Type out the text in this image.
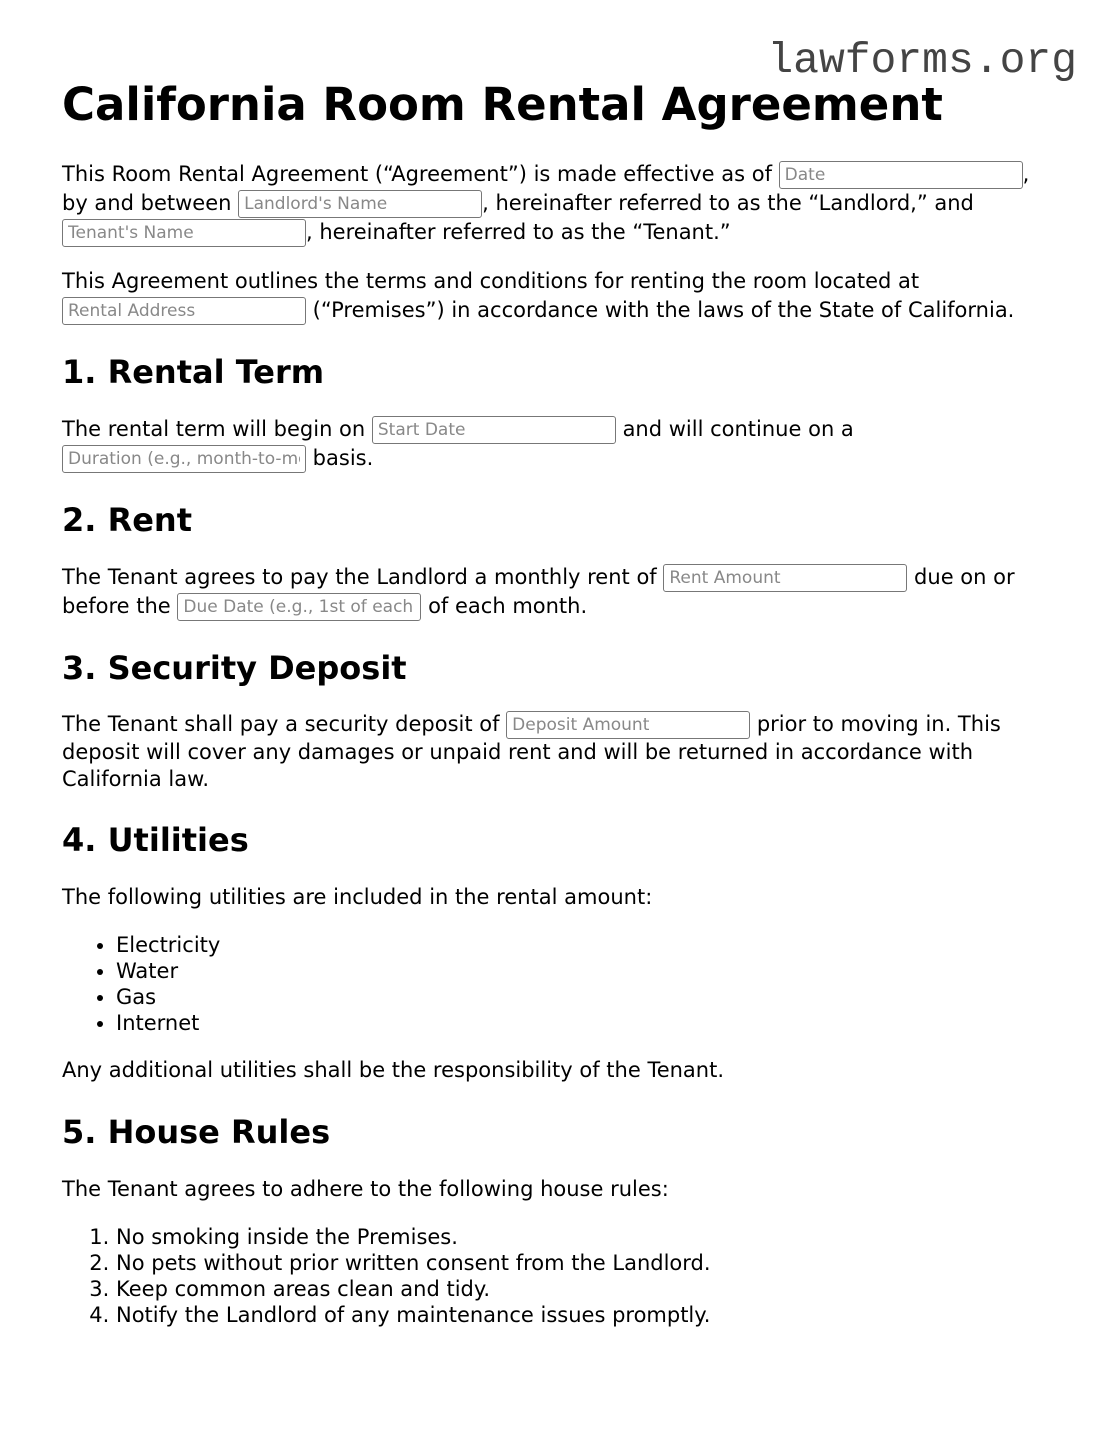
lawforms.org
California Room Rental Agreement

This Room Rental Agreement (“Agreement”) is made effective as of Date	, by and between Landlord's Name	, hereinafter referred to as the “Landlord,” and Tenant's Name, hereinafter referred to as the “Tenant.”

This Agreement outlines the terms and conditions for renting the room located at Rental Address (“Premises”) in accordance with the laws of the State of California.

1. Rental Term

The rental term will begin on Start Date	and will continue on a Duration (e.g., month-to-month) basis.

2. Rent

The Tenant agrees to pay the Landlord a monthly rent of Rent Amount	due on or before the Due Date (e.g., 1st of each month)	of each month.

3. Security Deposit

The Tenant shall pay a security deposit of Deposit Amount	prior to moving in. This deposit will cover any damages or unpaid rent and will be returned in accordance with California law.

4. Utilities

The following utilities are included in the rental amount:

• Electricity
• Water
• Gas
• Internet

Any additional utilities shall be the responsibility of the Tenant.

5. House Rules

The Tenant agrees to adhere to the following house rules:

1. No smoking inside the Premises.
2. No pets without prior written consent from the Landlord.
3. Keep common areas clean and tidy.
4. Notify the Landlord of any maintenance issues promptly.
